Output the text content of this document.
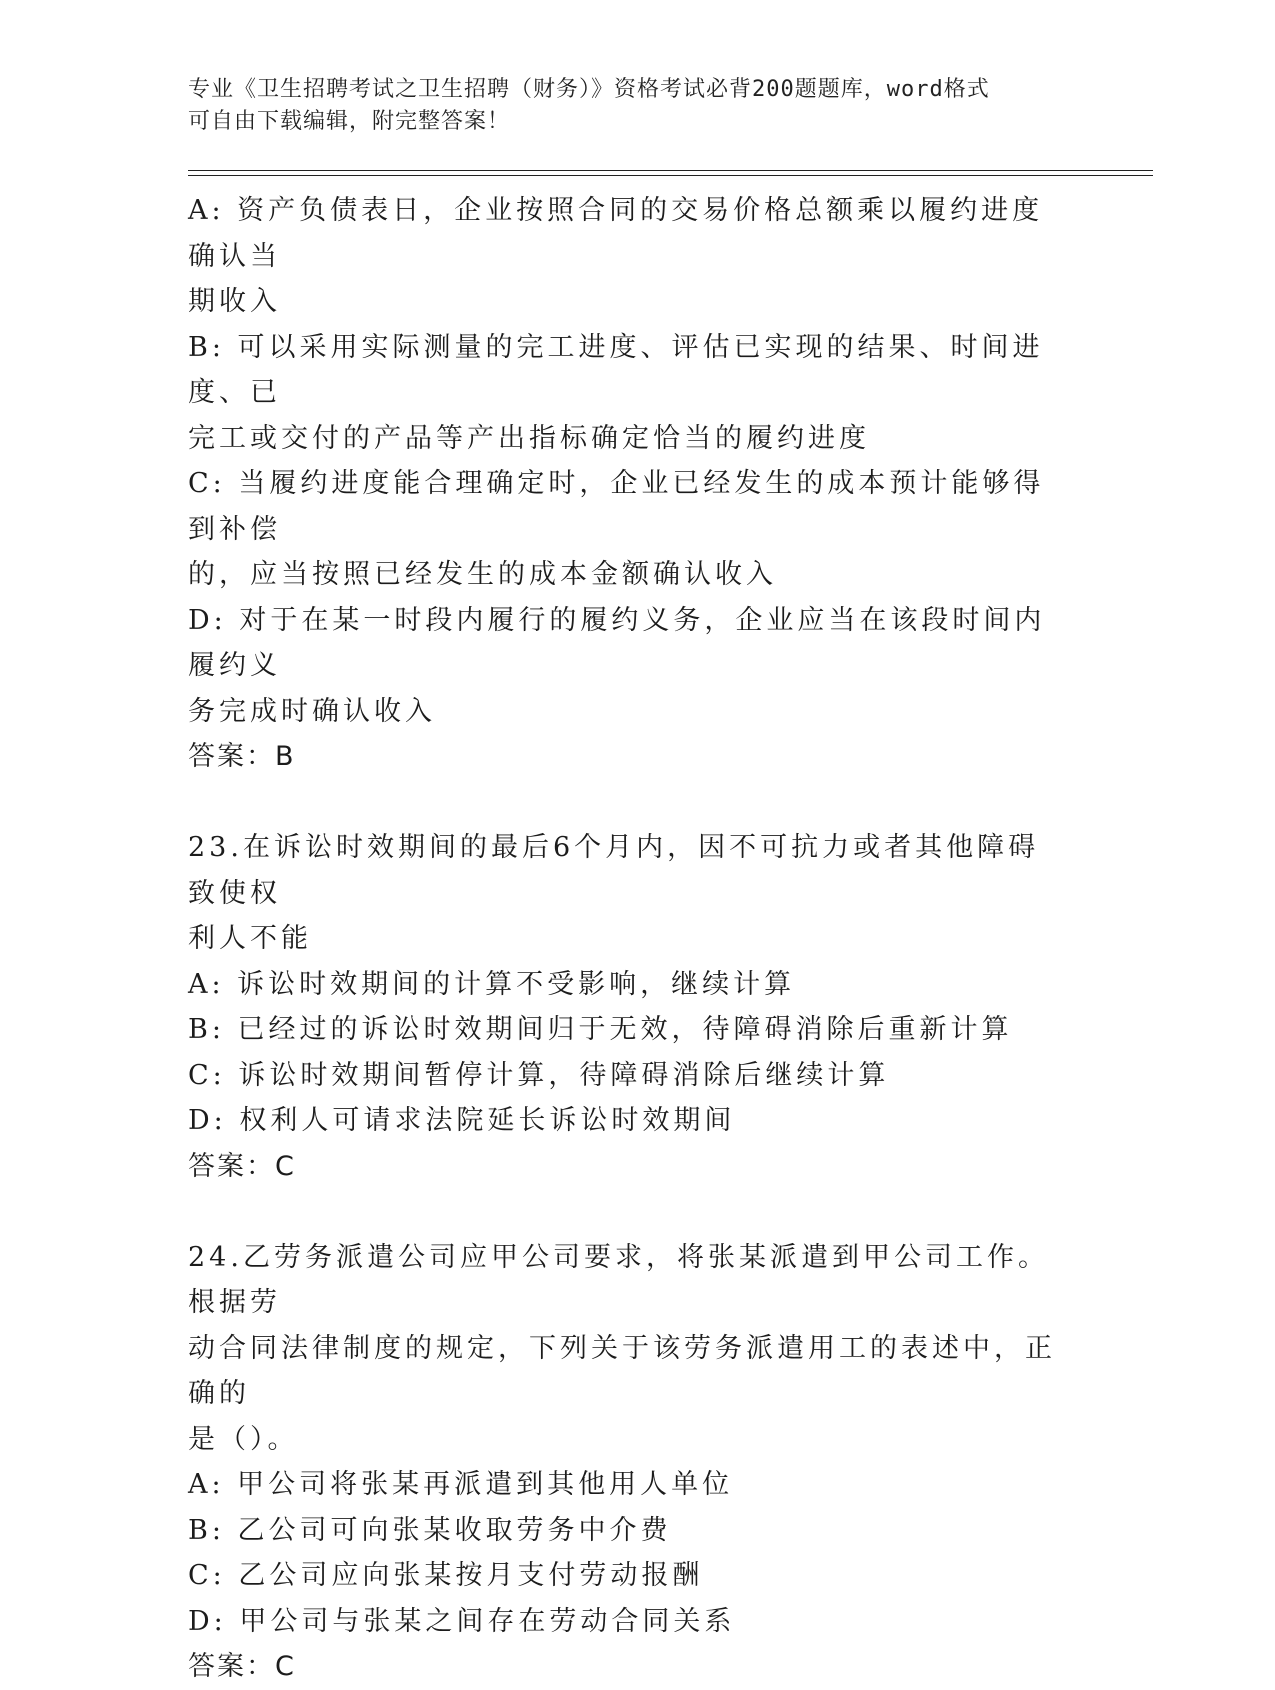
专业《卫生招聘考试之卫生招聘（财务）》资格考试必背200题题库，word格式
可自由下载编辑，附完整答案！

A: 资产负债表日，企业按照合同的交易价格总额乘以履约进度确认当

期收入

B: 可以采用实际测量的完工进度、评估已实现的结果、时间进度、已

完工或交付的产品等产出指标确定恰当的履约进度

C: 当履约进度能合理确定时，企业已经发生的成本预计能够得到补偿

的，应当按照已经发生的成本金额确认收入

D: 对于在某一时段内履行的履约义务，企业应当在该段时间内履约义

务完成时确认收入

答案：B

23.在诉讼时效期间的最后6个月内，因不可抗力或者其他障碍致使权

利人不能

A: 诉讼时效期间的计算不受影响，继续计算

B: 已经过的诉讼时效期间归于无效，待障碍消除后重新计算

C: 诉讼时效期间暂停计算，待障碍消除后继续计算

D: 权利人可请求法院延长诉讼时效期间

答案：C

24.乙劳务派遣公司应甲公司要求，将张某派遣到甲公司工作。根据劳

动合同法律制度的规定，下列关于该劳务派遣用工的表述中，正确的

是（）。

A: 甲公司将张某再派遣到其他用人单位

B: 乙公司可向张某收取劳务中介费

C: 乙公司应向张某按月支付劳动报酬

D: 甲公司与张某之间存在劳动合同关系

答案：C
